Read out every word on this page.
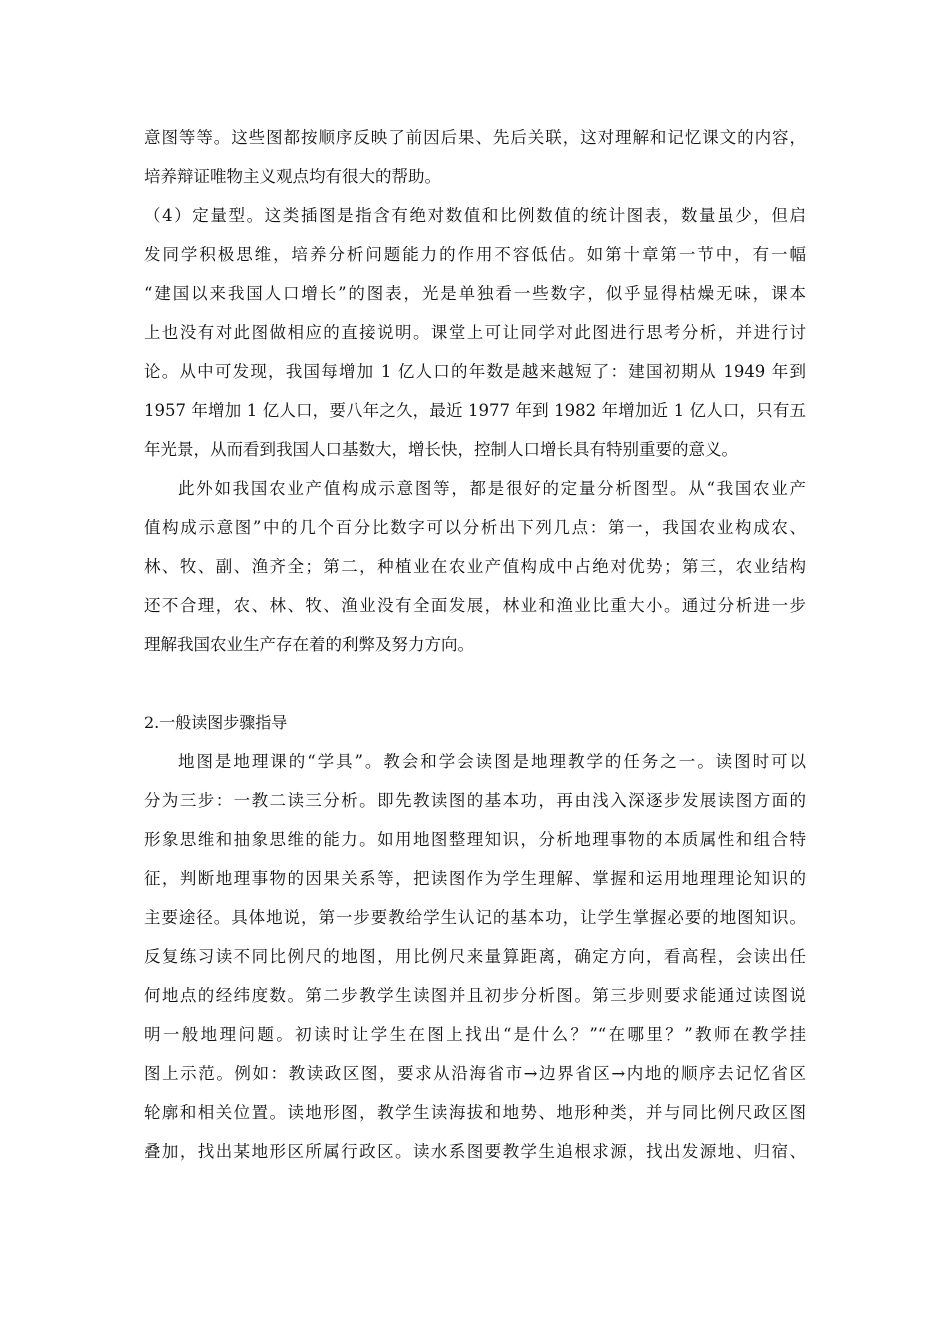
意图等等。这些图都按顺序反映了前因后果、先后关联，这对理解和记忆课文的内容，
培养辩证唯物主义观点均有很大的帮助。
（4）定量型。这类插图是指含有绝对数值和比例数值的统计图表，数量虽少，但启
发同学积极思维，培养分析问题能力的作用不容低估。如第十章第一节中，有一幅
“建国以来我国人口增长”的图表，光是单独看一些数字，似乎显得枯燥无味，课本
上也没有对此图做相应的直接说明。课堂上可让同学对此图进行思考分析，并进行讨
论。从中可发现，我国每增加 1 亿人口的年数是越来越短了：建国初期从 1949 年到
1957 年增加 1 亿人口，要八年之久，最近 1977 年到 1982 年增加近 1 亿人口，只有五
年光景，从而看到我国人口基数大，增长快，控制人口增长具有特别重要的意义。
此外如我国农业产值构成示意图等，都是很好的定量分析图型。从“我国农业产
值构成示意图”中的几个百分比数字可以分析出下列几点：第一，我国农业构成农、
林、牧、副、渔齐全；第二，种植业在农业产值构成中占绝对优势；第三，农业结构
还不合理，农、林、牧、渔业没有全面发展，林业和渔业比重大小。通过分析进一步
理解我国农业生产存在着的利弊及努力方向。
2.一般读图步骤指导
地图是地理课的“学具”。教会和学会读图是地理教学的任务之一。读图时可以
分为三步：一教二读三分析。即先教读图的基本功，再由浅入深逐步发展读图方面的
形象思维和抽象思维的能力。如用地图整理知识，分析地理事物的本质属性和组合特
征，判断地理事物的因果关系等，把读图作为学生理解、掌握和运用地理理论知识的
主要途径。具体地说，第一步要教给学生认记的基本功，让学生掌握必要的地图知识。
反复练习读不同比例尺的地图，用比例尺来量算距离，确定方向，看高程，会读出任
何地点的经纬度数。第二步教学生读图并且初步分析图。第三步则要求能通过读图说
明一般地理问题。初读时让学生在图上找出“是什么？”“在哪里？”教师在教学挂
图上示范。例如：教读政区图，要求从沿海省市→边界省区→内地的顺序去记忆省区
轮廓和相关位置。读地形图，教学生读海拔和地势、地形种类，并与同比例尺政区图
叠加，找出某地形区所属行政区。读水系图要教学生追根求源，找出发源地、归宿、
